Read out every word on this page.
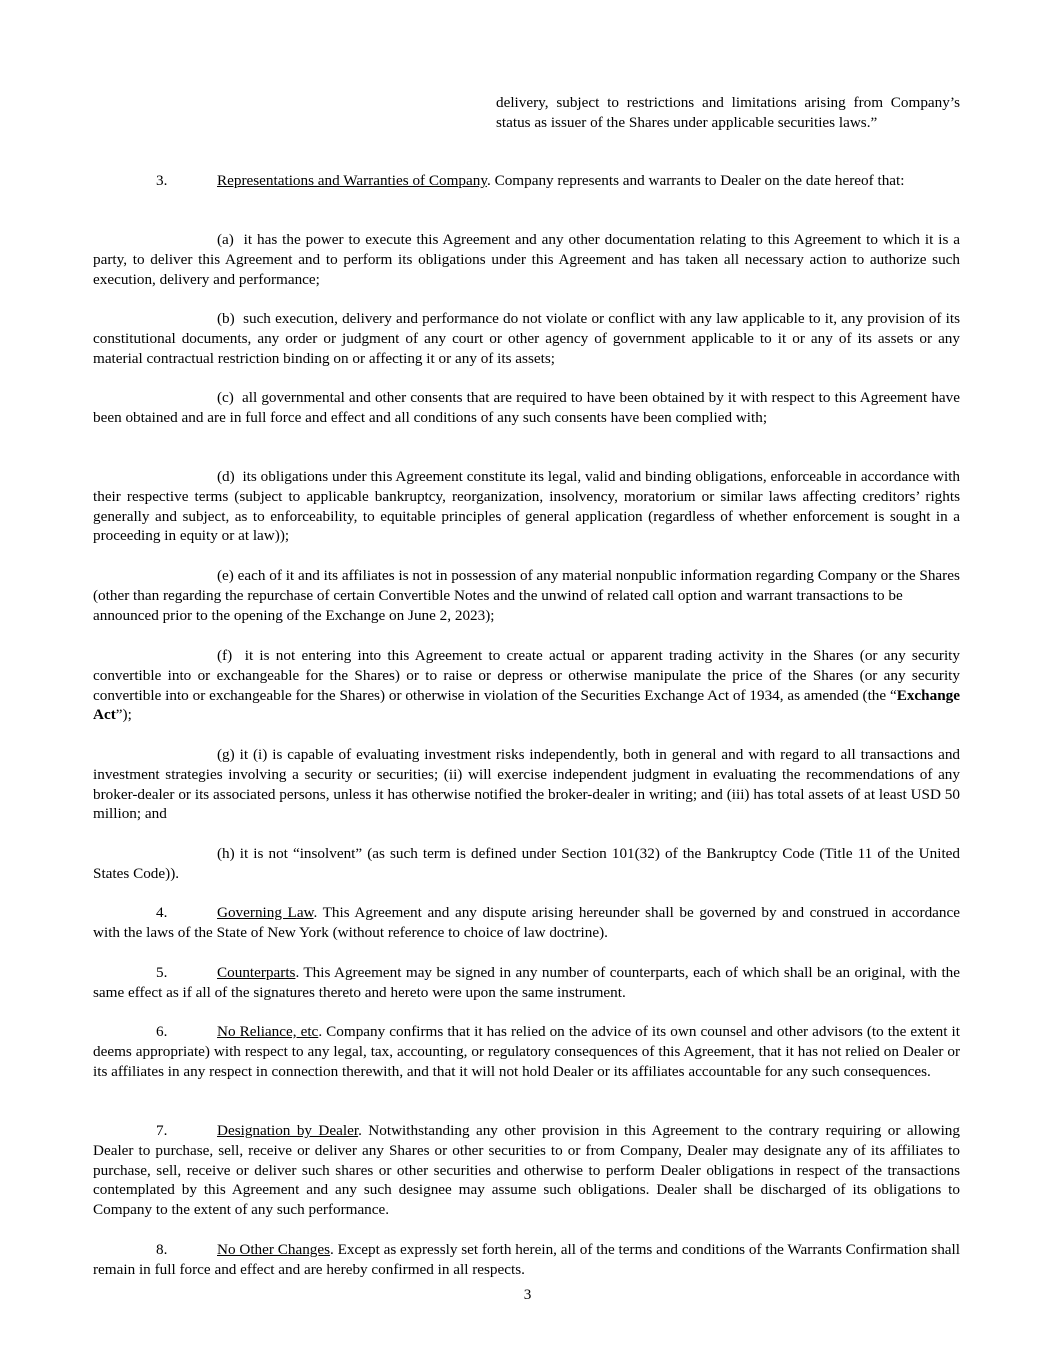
delivery, subject to restrictions and limitations arising from Company’s status as issuer of the Shares under applicable securities laws.”

3.	Representations and Warranties of Company. Company represents and warrants to Dealer on the date hereof that:

(a) it has the power to execute this Agreement and any other documentation relating to this Agreement to which it is a party, to deliver this Agreement and to perform its obligations under this Agreement and has taken all necessary action to authorize such execution, delivery and performance;

(b) such execution, delivery and performance do not violate or conflict with any law applicable to it, any provision of its constitutional documents, any order or judgment of any court or other agency of government applicable to it or any of its assets or any material contractual restriction binding on or affecting it or any of its assets;

(c) all governmental and other consents that are required to have been obtained by it with respect to this Agreement have been obtained and are in full force and effect and all conditions of any such consents have been complied with;

(d) its obligations under this Agreement constitute its legal, valid and binding obligations, enforceable in accordance with their respective terms (subject to applicable bankruptcy, reorganization, insolvency, moratorium or similar laws affecting creditors’ rights generally and subject, as to enforceability, to equitable principles of general application (regardless of whether enforcement is sought in a proceeding in equity or at law));

(e) each of it and its affiliates is not in possession of any material nonpublic information regarding Company or the Shares (other than regarding the repurchase of certain Convertible Notes and the unwind of related call option and warrant transactions to be announced prior to the opening of the Exchange on June 2, 2023);

(f) it is not entering into this Agreement to create actual or apparent trading activity in the Shares (or any security convertible into or exchangeable for the Shares) or to raise or depress or otherwise manipulate the price of the Shares (or any security convertible into or exchangeable for the Shares) or otherwise in violation of the Securities Exchange Act of 1934, as amended (the “Exchange Act”);

(g) it (i) is capable of evaluating investment risks independently, both in general and with regard to all transactions and investment strategies involving a security or securities; (ii) will exercise independent judgment in evaluating the recommendations of any broker-dealer or its associated persons, unless it has otherwise notified the broker-dealer in writing; and (iii) has total assets of at least USD 50 million; and

(h) it is not “insolvent” (as such term is defined under Section 101(32) of the Bankruptcy Code (Title 11 of the United States Code)).

4.	Governing Law. This Agreement and any dispute arising hereunder shall be governed by and construed in accordance with the laws of the State of New York (without reference to choice of law doctrine).

5.	Counterparts. This Agreement may be signed in any number of counterparts, each of which shall be an original, with the same effect as if all of the signatures thereto and hereto were upon the same instrument.

6.	No Reliance, etc. Company confirms that it has relied on the advice of its own counsel and other advisors (to the extent it deems appropriate) with respect to any legal, tax, accounting, or regulatory consequences of this Agreement, that it has not relied on Dealer or its affiliates in any respect in connection therewith, and that it will not hold Dealer or its affiliates accountable for any such consequences.

7.	Designation by Dealer. Notwithstanding any other provision in this Agreement to the contrary requiring or allowing Dealer to purchase, sell, receive or deliver any Shares or other securities to or from Company, Dealer may designate any of its affiliates to purchase, sell, receive or deliver such shares or other securities and otherwise to perform Dealer obligations in respect of the transactions contemplated by this Agreement and any such designee may assume such obligations. Dealer shall be discharged of its obligations to Company to the extent of any such performance.

8.	No Other Changes. Except as expressly set forth herein, all of the terms and conditions of the Warrants Confirmation shall remain in full force and effect and are hereby confirmed in all respects.

3
